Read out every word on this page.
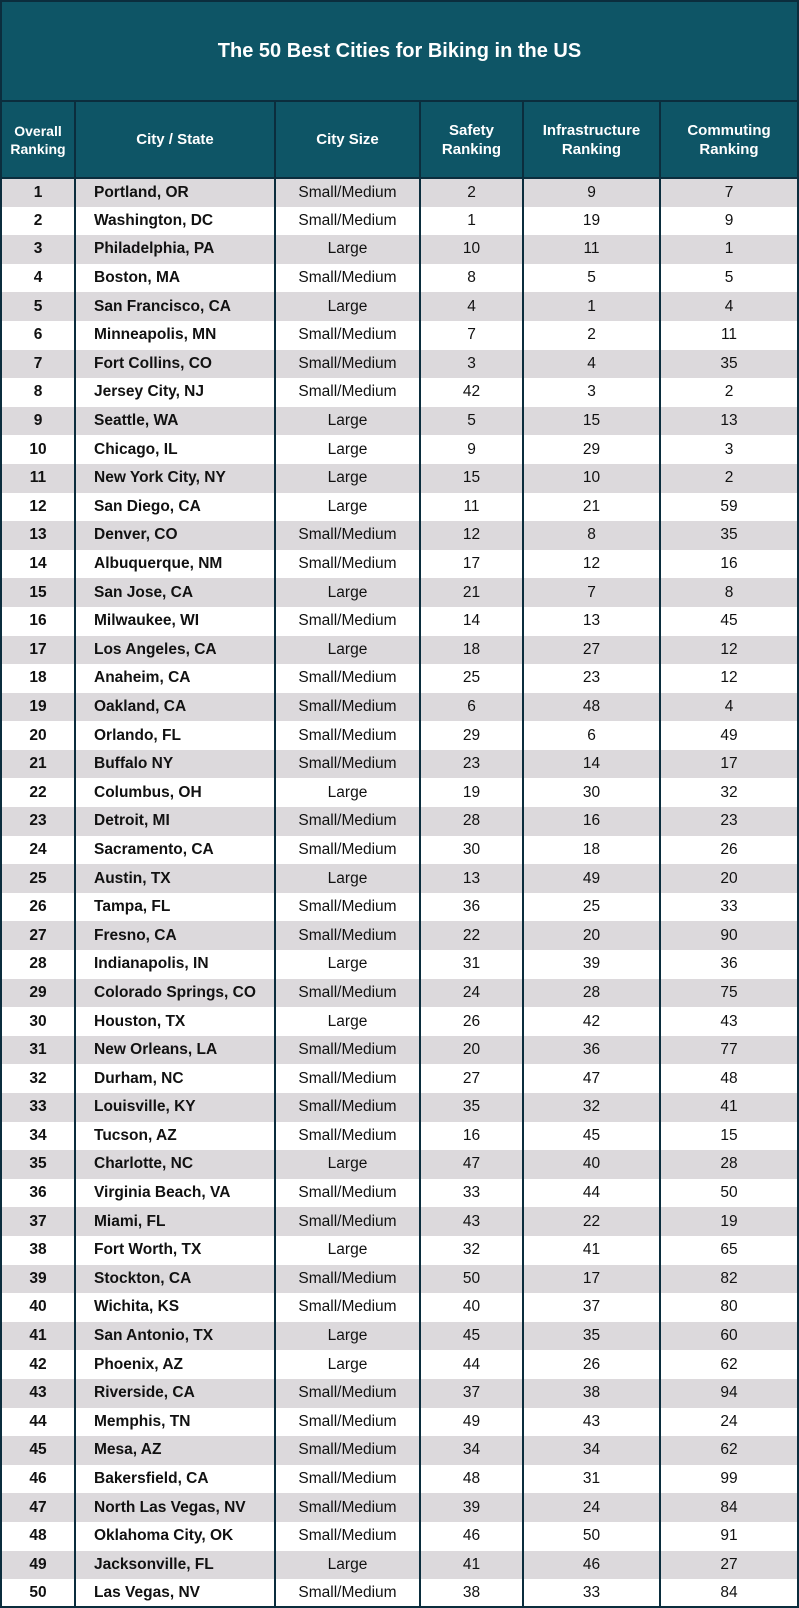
The 50 Best Cities for Biking in the US
Overall Ranking	City / State	City Size	Safety Ranking	Infrastructure Ranking	Commuting Ranking
1	Portland, OR	Small/Medium	2	9	7
2	Washington, DC	Small/Medium	1	19	9
3	Philadelphia, PA	Large	10	11	1
4	Boston, MA	Small/Medium	8	5	5
5	San Francisco, CA	Large	4	1	4
6	Minneapolis, MN	Small/Medium	7	2	11
7	Fort Collins, CO	Small/Medium	3	4	35
8	Jersey City, NJ	Small/Medium	42	3	2
9	Seattle, WA	Large	5	15	13
10	Chicago, IL	Large	9	29	3
11	New York City, NY	Large	15	10	2
12	San Diego, CA	Large	11	21	59
13	Denver, CO	Small/Medium	12	8	35
14	Albuquerque, NM	Small/Medium	17	12	16
15	San Jose, CA	Large	21	7	8
16	Milwaukee, WI	Small/Medium	14	13	45
17	Los Angeles, CA	Large	18	27	12
18	Anaheim, CA	Small/Medium	25	23	12
19	Oakland, CA	Small/Medium	6	48	4
20	Orlando, FL	Small/Medium	29	6	49
21	Buffalo NY	Small/Medium	23	14	17
22	Columbus, OH	Large	19	30	32
23	Detroit, MI	Small/Medium	28	16	23
24	Sacramento, CA	Small/Medium	30	18	26
25	Austin, TX	Large	13	49	20
26	Tampa, FL	Small/Medium	36	25	33
27	Fresno, CA	Small/Medium	22	20	90
28	Indianapolis, IN	Large	31	39	36
29	Colorado Springs, CO	Small/Medium	24	28	75
30	Houston, TX	Large	26	42	43
31	New Orleans, LA	Small/Medium	20	36	77
32	Durham, NC	Small/Medium	27	47	48
33	Louisville, KY	Small/Medium	35	32	41
34	Tucson, AZ	Small/Medium	16	45	15
35	Charlotte, NC	Large	47	40	28
36	Virginia Beach, VA	Small/Medium	33	44	50
37	Miami, FL	Small/Medium	43	22	19
38	Fort Worth, TX	Large	32	41	65
39	Stockton, CA	Small/Medium	50	17	82
40	Wichita, KS	Small/Medium	40	37	80
41	San Antonio, TX	Large	45	35	60
42	Phoenix, AZ	Large	44	26	62
43	Riverside, CA	Small/Medium	37	38	94
44	Memphis, TN	Small/Medium	49	43	24
45	Mesa, AZ	Small/Medium	34	34	62
46	Bakersfield, CA	Small/Medium	48	31	99
47	North Las Vegas, NV	Small/Medium	39	24	84
48	Oklahoma City, OK	Small/Medium	46	50	91
49	Jacksonville, FL	Large	41	46	27
50	Las Vegas, NV	Small/Medium	38	33	84
